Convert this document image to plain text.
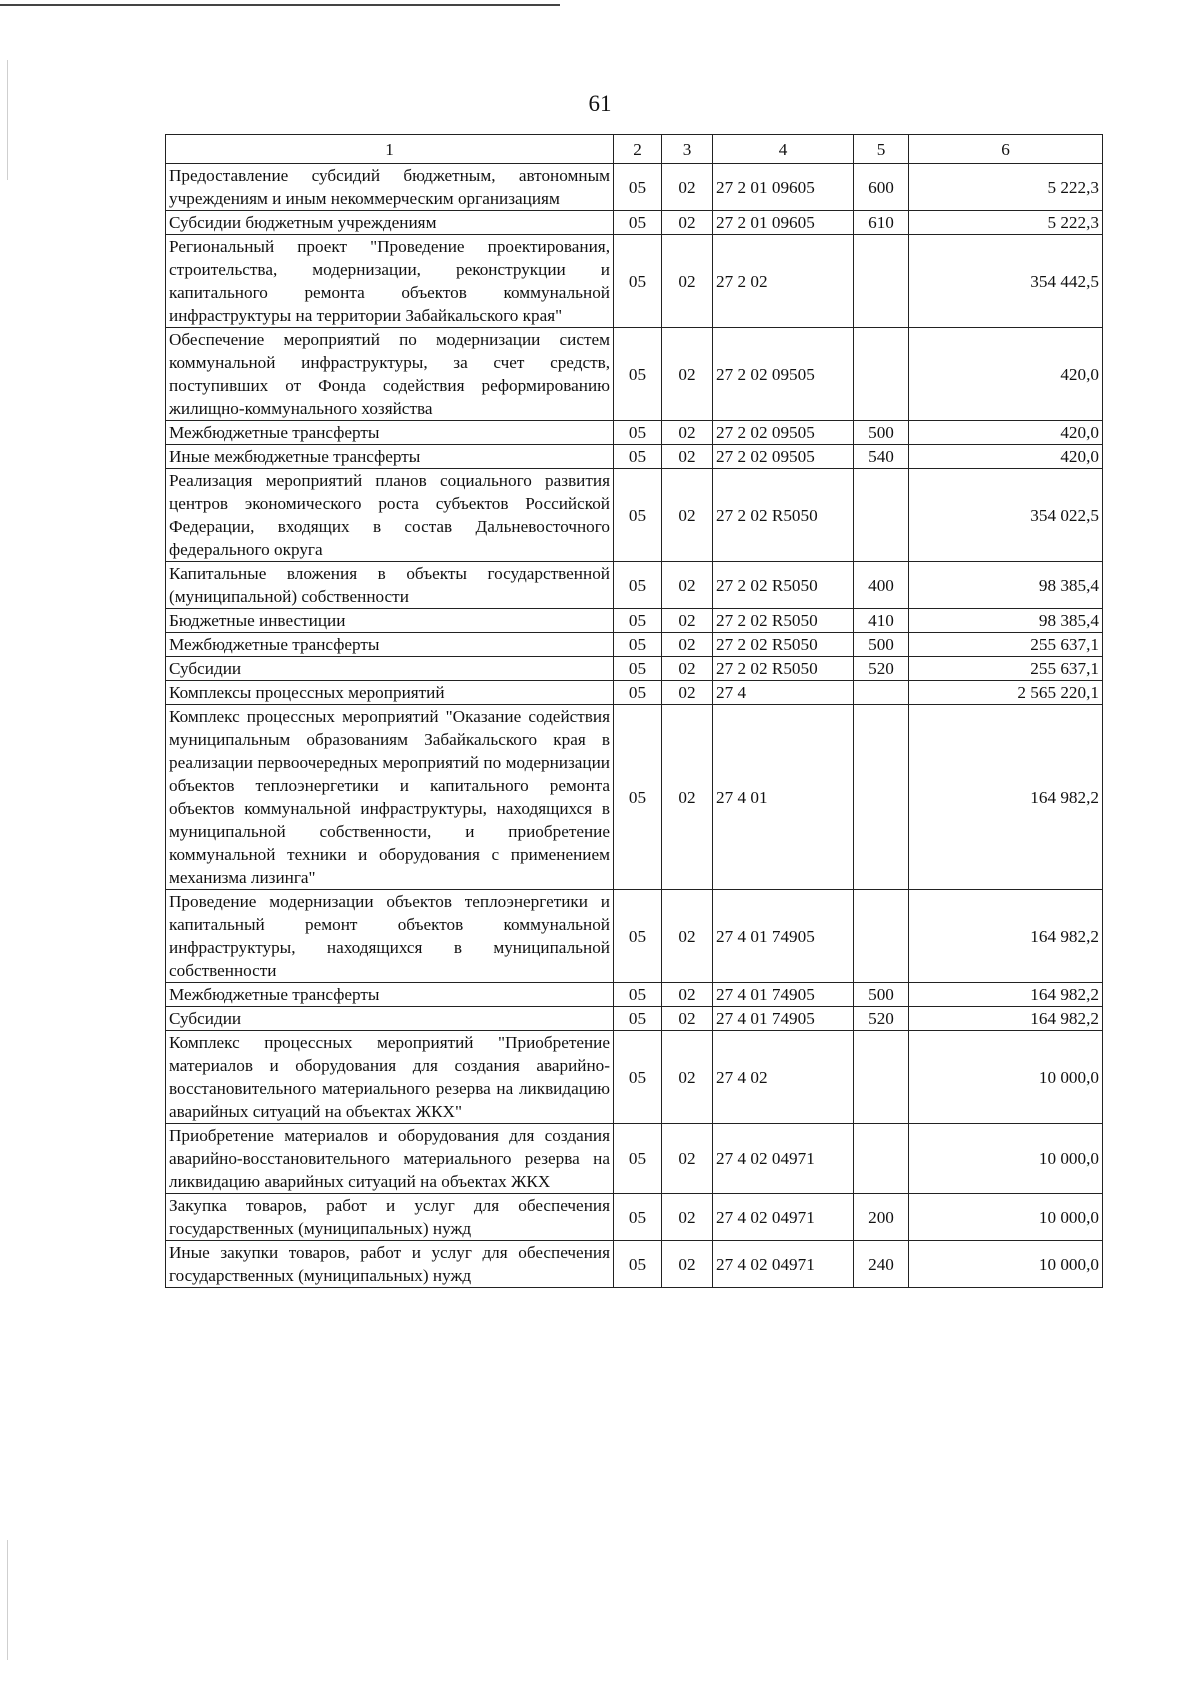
61
1	2	3	4	5	6
Предоставление субсидий бюджетным, автономным учреждениям и иным некоммерческим организациям	05	02	27 2 01 09605	600	5 222,3
Субсидии бюджетным учреждениям	05	02	27 2 01 09605	610	5 222,3
Региональный проект "Проведение проектирования, строительства, модернизации, реконструкции и капитального ремонта объектов коммунальной инфраструктуры на территории Забайкальского края"	05	02	27 2 02		354 442,5
Обеспечение мероприятий по модернизации систем коммунальной инфраструктуры, за счет средств, поступивших от Фонда содействия реформированию жилищно-коммунального хозяйства	05	02	27 2 02 09505		420,0
Межбюджетные трансферты	05	02	27 2 02 09505	500	420,0
Иные межбюджетные трансферты	05	02	27 2 02 09505	540	420,0
Реализация мероприятий планов социального развития центров экономического роста субъектов Российской Федерации, входящих в состав Дальневосточного федерального округа	05	02	27 2 02 R5050		354 022,5
Капитальные вложения в объекты государственной (муниципальной) собственности	05	02	27 2 02 R5050	400	98 385,4
Бюджетные инвестиции	05	02	27 2 02 R5050	410	98 385,4
Межбюджетные трансферты	05	02	27 2 02 R5050	500	255 637,1
Субсидии	05	02	27 2 02 R5050	520	255 637,1
Комплексы процессных мероприятий	05	02	27 4		2 565 220,1
Комплекс процессных мероприятий "Оказание содействия муниципальным образованиям Забайкальского края в реализации первоочередных мероприятий по модернизации объектов теплоэнергетики и капитального ремонта объектов коммунальной инфраструктуры, находящихся в муниципальной собственности, и приобретение коммунальной техники и оборудования с применением механизма лизинга"	05	02	27 4 01		164 982,2
Проведение модернизации объектов теплоэнергетики и капитальный ремонт объектов коммунальной инфраструктуры, находящихся в муниципальной собственности	05	02	27 4 01 74905		164 982,2
Межбюджетные трансферты	05	02	27 4 01 74905	500	164 982,2
Субсидии	05	02	27 4 01 74905	520	164 982,2
Комплекс процессных мероприятий "Приобретение материалов и оборудования для создания аварийно-восстановительного материального резерва на ликвидацию аварийных ситуаций на объектах ЖКХ"	05	02	27 4 02		10 000,0
Приобретение материалов и оборудования для создания аварийно-восстановительного материального резерва на ликвидацию аварийных ситуаций на объектах ЖКХ	05	02	27 4 02 04971		10 000,0
Закупка товаров, работ и услуг для обеспечения государственных (муниципальных) нужд	05	02	27 4 02 04971	200	10 000,0
Иные закупки товаров, работ и услуг для обеспечения государственных (муниципальных) нужд	05	02	27 4 02 04971	240	10 000,0
